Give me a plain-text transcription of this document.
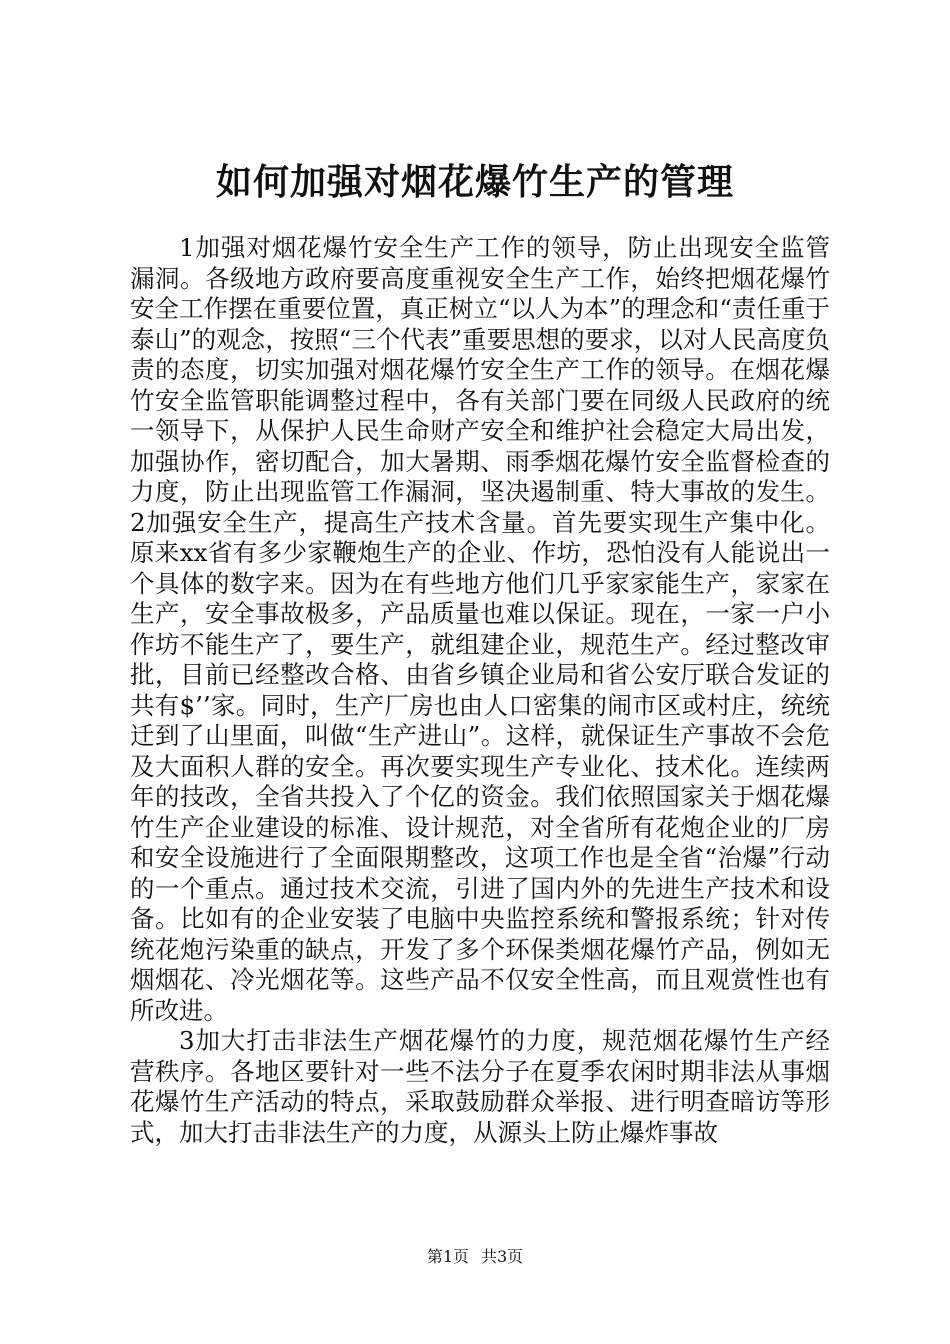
如何加强对烟花爆竹生产的管理

1加强对烟花爆竹安全生产工作的领导，防止出现安全监管漏洞。各级地方政府要高度重视安全生产工作，始终把烟花爆竹安全工作摆在重要位置，真正树立“以人为本”的理念和“责任重于泰山”的观念，按照“三个代表”重要思想的要求，以对人民高度负责的态度，切实加强对烟花爆竹安全生产工作的领导。在烟花爆竹安全监管职能调整过程中，各有关部门要在同级人民政府的统一领导下，从保护人民生命财产安全和维护社会稳定大局出发，加强协作，密切配合，加大暑期、雨季烟花爆竹安全监督检查的力度，防止出现监管工作漏洞，坚决遏制重、特大事故的发生。2加强安全生产，提高生产技术含量。首先要实现生产集中化。原来xx省有多少家鞭炮生产的企业、作坊，恐怕没有人能说出一个具体的数字来。因为在有些地方他们几乎家家能生产，家家在生产，安全事故极多，产品质量也难以保证。现在，一家一户小作坊不能生产了，要生产，就组建企业，规范生产。经过整改审批，目前已经整改合格、由省乡镇企业局和省公安厅联合发证的共有$’’家。同时，生产厂房也由人口密集的闹市区或村庄，统统迁到了山里面，叫做“生产进山”。这样，就保证生产事故不会危及大面积人群的安全。再次要实现生产专业化、技术化。连续两年的技改，全省共投入了个亿的资金。我们依照国家关于烟花爆竹生产企业建设的标准、设计规范，对全省所有花炮企业的厂房和安全设施进行了全面限期整改，这项工作也是全省“治爆”行动的一个重点。通过技术交流，引进了国内外的先进生产技术和设备。比如有的企业安装了电脑中央监控系统和警报系统；针对传统花炮污染重的缺点，开发了多个环保类烟花爆竹产品，例如无烟烟花、冷光烟花等。这些产品不仅安全性高，而且观赏性也有所改进。

3加大打击非法生产烟花爆竹的力度，规范烟花爆竹生产经营秩序。各地区要针对一些不法分子在夏季农闲时期非法从事烟花爆竹生产活动的特点，采取鼓励群众举报、进行明查暗访等形式，加大打击非法生产的力度，从源头上防止爆炸事故

第1页 共3页
